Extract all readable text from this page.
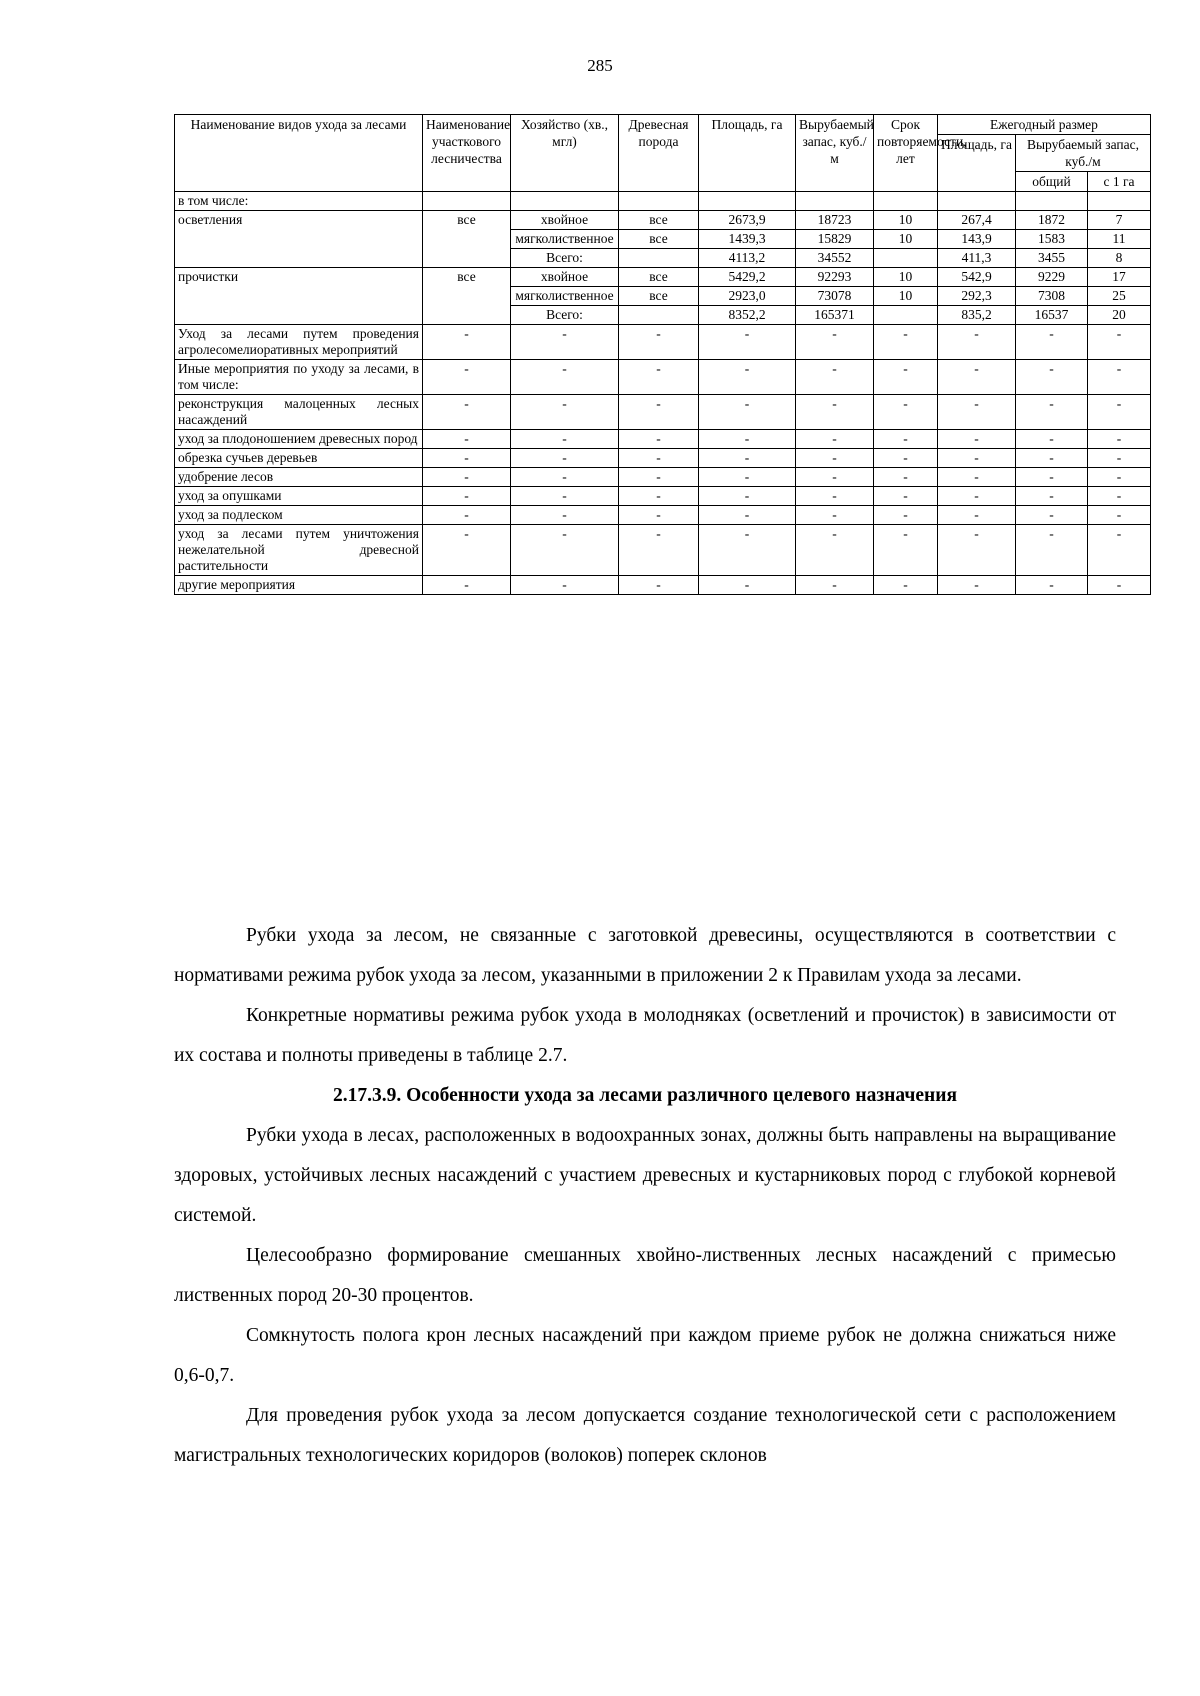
285
Наименование видов ухода за лесами	Наименование участкового лесничества	Хозяйство (хв., мгл)	Древесная порода	Площадь, га	Вырубаемый запас, куб./м	Срок повторяемости, лет	Ежегодный размер		
							Площадь, га	Вырубаемый запас, куб./м	
								общий	с 1 га
в том числе:									
осветления	все	хвойное	все	2673,9	18723	10	267,4	1872	7
		мягколиственное	все	1439,3	15829	10	143,9	1583	11
		Всего:		4113,2	34552		411,3	3455	8
прочистки	все	хвойное	все	5429,2	92293	10	542,9	9229	17
		мягколиственное	все	2923,0	73078	10	292,3	7308	25
		Всего:		8352,2	165371		835,2	16537	20
Уход за лесами путем проведения агролесомелиоративных мероприятий	-	-	-	-	-	-	-	-	-
Иные мероприятия по уходу за лесами, в том числе:	-	-	-	-	-	-	-	-	-
реконструкция малоценных лесных насаждений	-	-	-	-	-	-	-	-	-
уход за плодоношением древесных пород	-	-	-	-	-	-	-	-	-
обрезка сучьев деревьев	-	-	-	-	-	-	-	-	-
удобрение лесов	-	-	-	-	-	-	-	-	-
уход за опушками	-	-	-	-	-	-	-	-	-
уход за подлеском	-	-	-	-	-	-	-	-	-
уход за лесами путем уничтожения нежелательной древесной растительности	-	-	-	-	-	-	-	-	-
другие мероприятия	-	-	-	-	-	-	-	-	-

Рубки ухода за лесом, не связанные с заготовкой древесины, осуществляются в соответствии с нормативами режима рубок ухода за лесом, указанными в приложении 2 к Правилам ухода за лесами.

Конкретные нормативы режима рубок ухода в молодняках (осветлений и прочисток) в зависимости от их состава и полноты приведены в таблице 2.7.

2.17.3.9. Особенности ухода за лесами различного целевого назначения

Рубки ухода в лесах, расположенных в водоохранных зонах, должны быть направлены на выращивание здоровых, устойчивых лесных насаждений с участием древесных и кустарниковых пород с глубокой корневой системой.

Целесообразно формирование смешанных хвойно-лиственных лесных насаждений с примесью лиственных пород 20-30 процентов.

Сомкнутость полога крон лесных насаждений при каждом приеме рубок не должна снижаться ниже 0,6-0,7.

Для проведения рубок ухода за лесом допускается создание технологической сети с расположением магистральных технологических коридоров (волоков) поперек склонов
